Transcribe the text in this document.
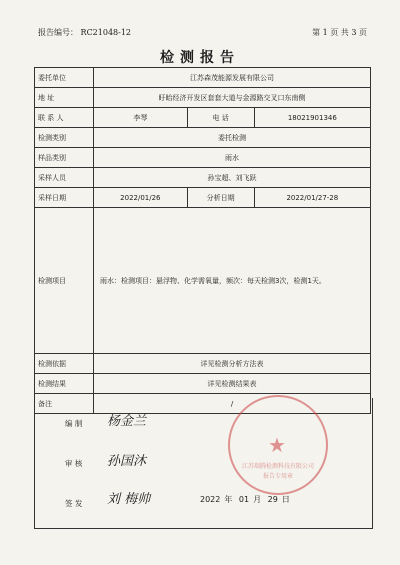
报告编号： RC21048-12	第 1 页 共 3 页
检测报告
委托单位	江苏森茂能源发展有限公司		
地 址	盱眙经济开发区套套大道与金源路交叉口东南侧		
联 系 人	李琴	电 话	18021901346
检测类别	委托检测		
样品类别	雨水		
采样人员	孙宝超、刘飞跃		
采样日期	2022/01/26	分析日期	2022/01/27-28
检测项目	雨水：检测项目：悬浮物、化学需氧量，频次：每天检测3次，检测1天。		
检测依据	详见检测分析方法表		
检测结果	详见检测结果表		
备注	/		
编 制 杨金兰
审 核 孙国沐
签 发 刘 梅帅
★
江苏瑞腾检测科技有限公司
报告专用章
2022 年 01 月 29 日
